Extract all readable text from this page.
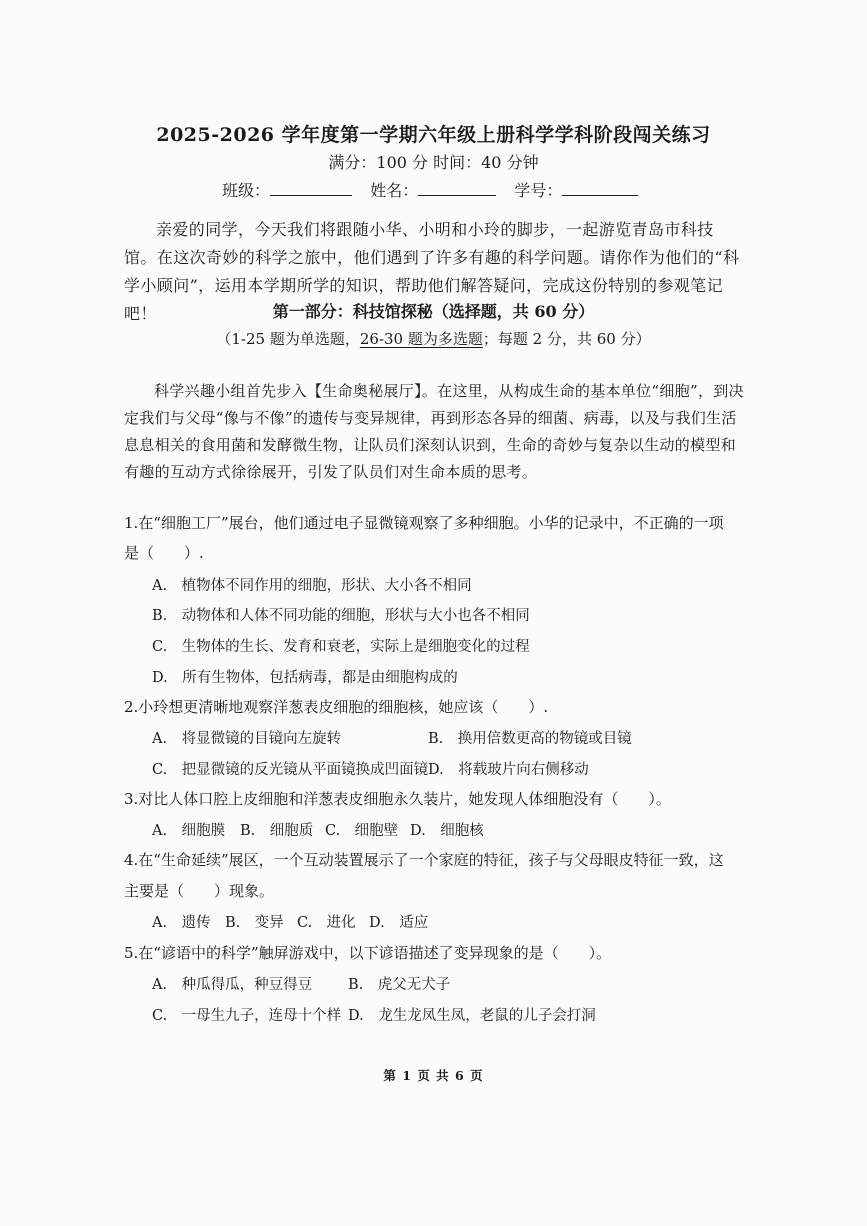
2025-2026 学年度第一学期六年级上册科学学科阶段闯关练习
满分：100 分 时间：40 分钟
班级：	姓名：	学号：
亲爱的同学，今天我们将跟随小华、小明和小玲的脚步，一起游览青岛市科技馆。在这次奇妙的科学之旅中，他们遇到了许多有趣的科学问题。请你作为他们的“科学小顾问”，运用本学期所学的知识，帮助他们解答疑问，完成这份特别的参观笔记吧！	第一部分：科技馆探秘（选择题，共 60 分）
（1-25 题为单选题，26-30 题为多选题；每题 2 分，共 60 分）
科学兴趣小组首先步入【生命奥秘展厅】。在这里，从构成生命的基本单位“细胞”，到决定我们与父母“像与不像”的遗传与变异规律，再到形态各异的细菌、病毒，以及与我们生活息息相关的食用菌和发酵微生物，让队员们深刻认识到，生命的奇妙与复杂以生动的模型和有趣的互动方式徐徐展开，引发了队员们对生命本质的思考。
1.在“细胞工厂”展台，他们通过电子显微镜观察了多种细胞。小华的记录中，不正确的一项
是（　　）.
A.　植物体不同作用的细胞，形状、大小各不相同
B.　动物体和人体不同功能的细胞，形状与大小也各不相同
C.　生物体的生长、发育和衰老，实际上是细胞变化的过程
D.　所有生物体，包括病毒，都是由细胞构成的
2.小玲想更清晰地观察洋葱表皮细胞的细胞核，她应该（　　）.
A.　将显微镜的目镜向左旋转	B.　换用倍数更高的物镜或目镜
C.　把显微镜的反光镜从平面镜换成凹面镜 D.　将载玻片向右侧移动
3.对比人体口腔上皮细胞和洋葱表皮细胞永久装片，她发现人体细胞没有（　　）。
A.　细胞膜 B.　细胞质 C.　细胞壁 D.　细胞核
4.在“生命延续”展区，一个互动装置展示了一个家庭的特征，孩子与父母眼皮特征一致，这
主要是（　　）现象。
A.　遗传 B.　变异 C.　进化 D.　适应
5.在“谚语中的科学”触屏游戏中，以下谚语描述了变异现象的是（　　）。
A.　种瓜得瓜，种豆得豆 B.　虎父无犬子
C.　一母生九子，连母十个样 D.　龙生龙凤生凤，老鼠的儿子会打洞
第 1 页 共 6 页
